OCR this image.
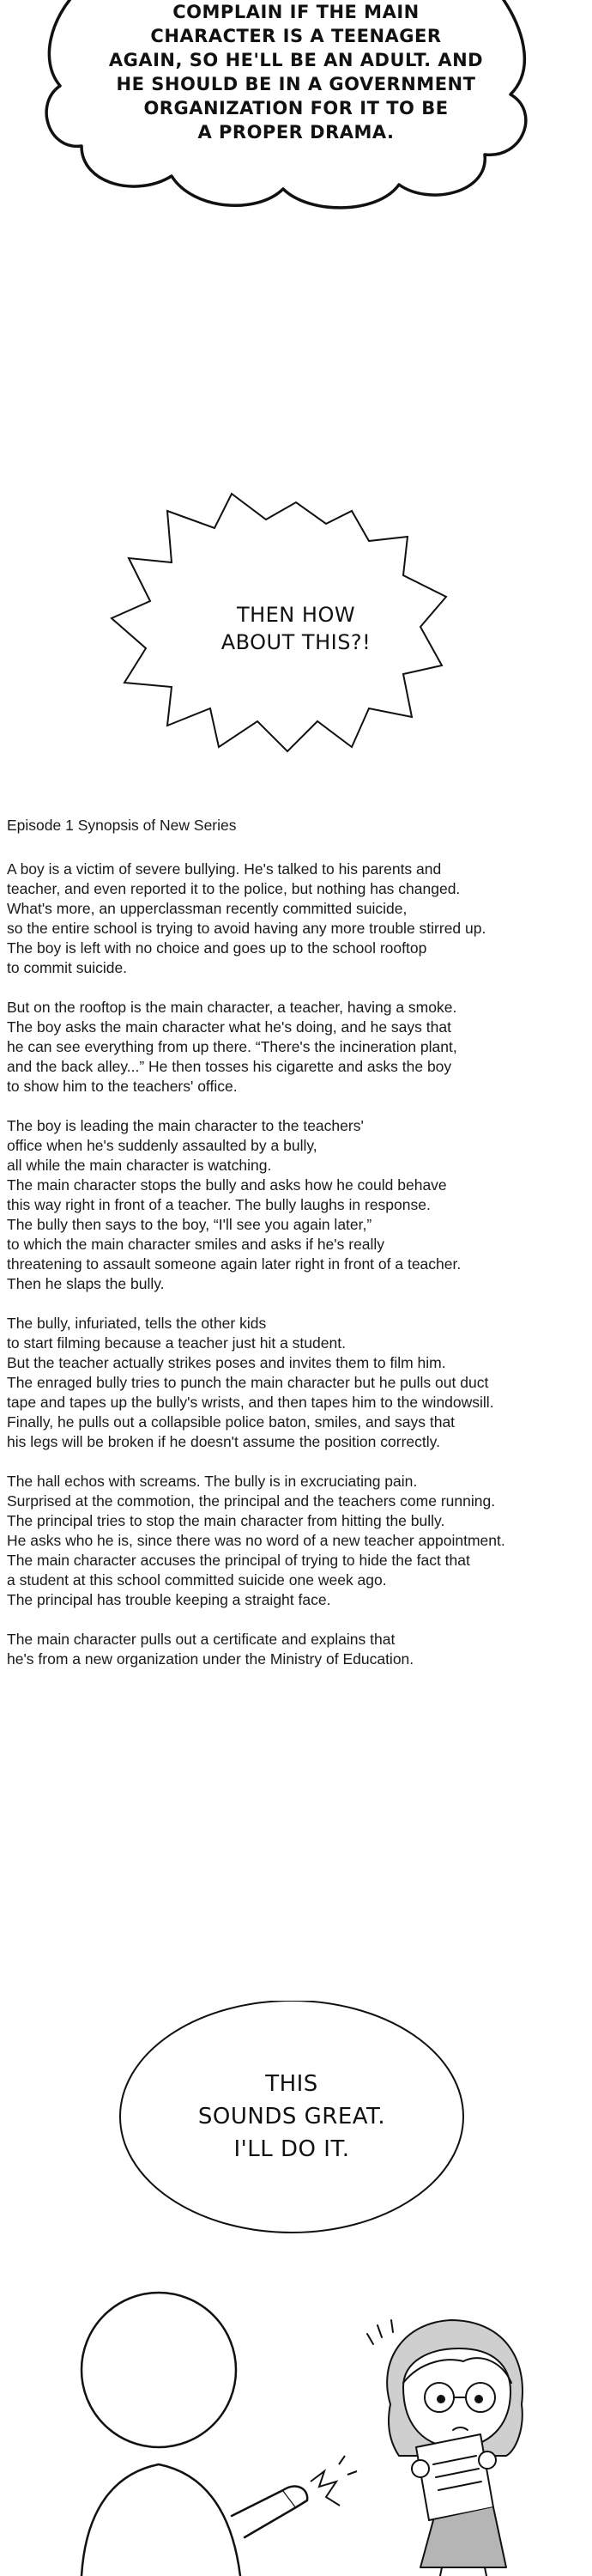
COMPLAIN IF THE MAIN
CHARACTER IS A TEENAGER
AGAIN, SO HE'LL BE AN ADULT. AND
HE SHOULD BE IN A GOVERNMENT
ORGANIZATION FOR IT TO BE
A PROPER DRAMA.
THEN HOW
ABOUT THIS?!
Episode 1 Synopsis of New Series

A boy is a victim of severe bullying. He's talked to his parents and
teacher, and even reported it to the police, but nothing has changed.
What's more, an upperclassman recently committed suicide,
so the entire school is trying to avoid having any more trouble stirred up.
The boy is left with no choice and goes up to the school rooftop
to commit suicide.

But on the rooftop is the main character, a teacher, having a smoke.
The boy asks the main character what he's doing, and he says that
he can see everything from up there. “There's the incineration plant,
and the back alley...” He then tosses his cigarette and asks the boy
to show him to the teachers' office.

The boy is leading the main character to the teachers'
office when he's suddenly assaulted by a bully,
all while the main character is watching.
The main character stops the bully and asks how he could behave
this way right in front of a teacher. The bully laughs in response.
The bully then says to the boy, “I'll see you again later,”
to which the main character smiles and asks if he's really
threatening to assault someone again later right in front of a teacher.
Then he slaps the bully.

The bully, infuriated, tells the other kids
to start filming because a teacher just hit a student.
But the teacher actually strikes poses and invites them to film him.
The enraged bully tries to punch the main character but he pulls out duct
tape and tapes up the bully's wrists, and then tapes him to the windowsill.
Finally, he pulls out a collapsible police baton, smiles, and says that
his legs will be broken if he doesn't assume the position correctly.

The hall echos with screams. The bully is in excruciating pain.
Surprised at the commotion, the principal and the teachers come running.
The principal tries to stop the main character from hitting the bully.
He asks who he is, since there was no word of a new teacher appointment.
The main character accuses the principal of trying to hide the fact that
a student at this school committed suicide one week ago.
The principal has trouble keeping a straight face.

The main character pulls out a certificate and explains that
he's from a new organization under the Ministry of Education.

THIS
SOUNDS GREAT.
I'LL DO IT.
